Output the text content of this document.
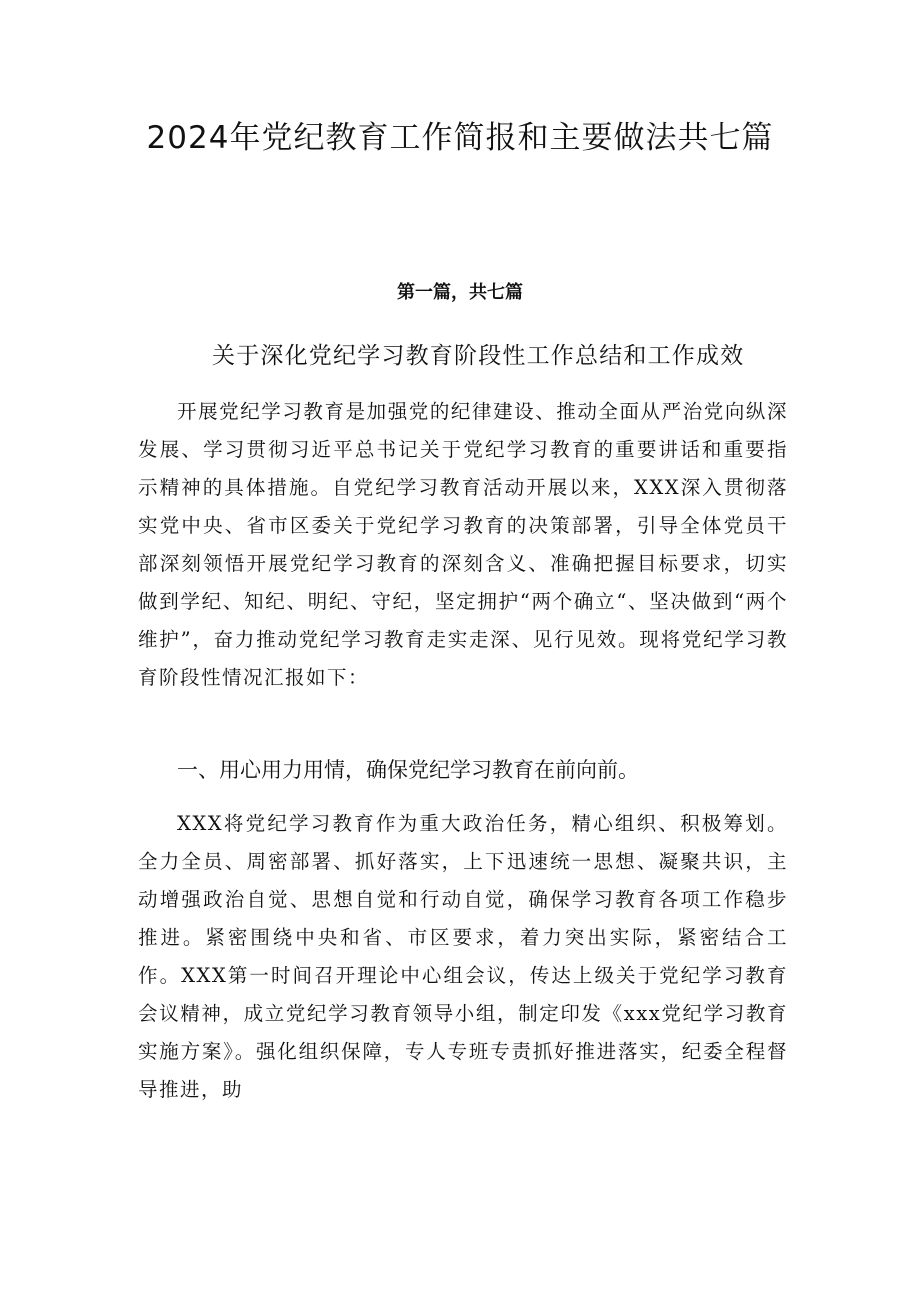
2024年党纪教育工作简报和主要做法共七篇
第一篇，共七篇
关于深化党纪学习教育阶段性工作总结和工作成效

开展党纪学习教育是加强党的纪律建设、推动全面从严治党向纵深发展、学习贯彻习近平总书记关于党纪学习教育的重要讲话和重要指示精神的具体措施。自党纪学习教育活动开展以来，XXX深入贯彻落实党中央、省市区委关于党纪学习教育的决策部署，引导全体党员干部深刻领悟开展党纪学习教育的深刻含义、准确把握目标要求，切实做到学纪、知纪、明纪、守纪，坚定拥护“两个确立“、坚决做到“两个维护”，奋力推动党纪学习教育走实走深、见行见效。现将党纪学习教育阶段性情况汇报如下：

一、用心用力用情，确保党纪学习教育在前向前。

XXX将党纪学习教育作为重大政治任务，精心组织、积极筹划。全力全员、周密部署、抓好落实，上下迅速统一思想、凝聚共识，主动增强政治自觉、思想自觉和行动自觉，确保学习教育各项工作稳步推进。紧密围绕中央和省、市区要求，着力突出实际，紧密结合工作。XXX第一时间召开理论中心组会议，传达上级关于党纪学习教育会议精神，成立党纪学习教育领导小组，制定印发《xxx党纪学习教育实施方案》。强化组织保障，专人专班专责抓好推进落实，纪委全程督导推进，助
